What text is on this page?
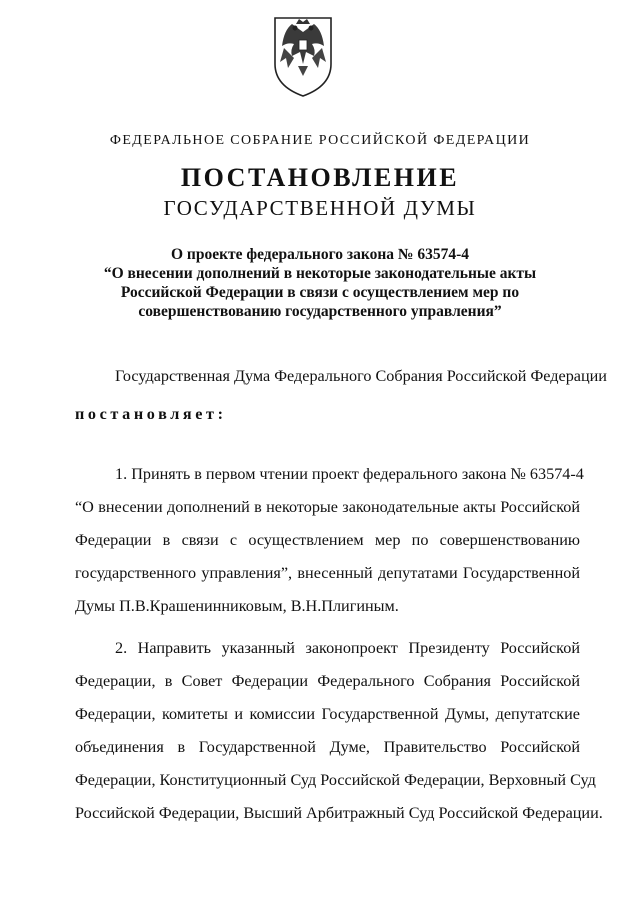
ФЕДЕРАЛЬНОЕ СОБРАНИЕ РОССИЙСКОЙ ФЕДЕРАЦИИ
ПОСТАНОВЛЕНИЕ
ГОСУДАРСТВЕННОЙ ДУМЫ
О проекте федерального закона № 63574-4
“О внесении дополнений в некоторые законодательные акты
Российской Федерации в связи с осуществлением мер по
совершенствованию государственного управления”
Государственная Дума Федерального Собрания Российской Федерации
постановляет:
1. Принять в первом чтении проект федерального закона № 63574-4
“О внесении дополнений в некоторые законодательные акты Российской
Федерации в связи с осуществлением мер по совершенствованию
государственного управления”, внесенный депутатами Государственной
Думы П.В.Крашенинниковым, В.Н.Плигиным.
2. Направить указанный законопроект Президенту Российской
Федерации, в Совет Федерации Федерального Собрания Российской
Федерации, комитеты и комиссии Государственной Думы, депутатские
объединения в Государственной Думе, Правительство Российской
Федерации, Конституционный Суд Российской Федерации, Верховный Суд
Российской Федерации, Высший Арбитражный Суд Российской Федерации.
